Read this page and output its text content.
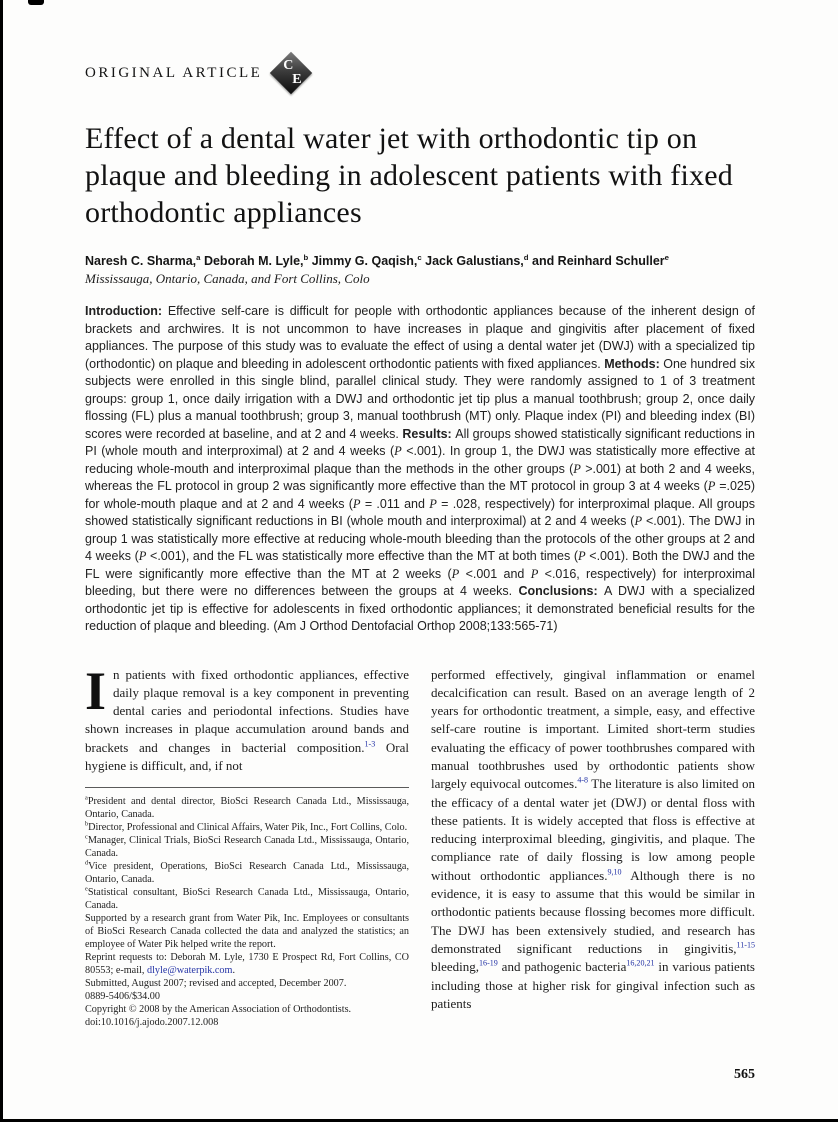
ORIGINAL ARTICLE C
E
Effect of a dental water jet with orthodontic tip on plaque and bleeding in adolescent patients with fixed orthodontic appliances

Naresh C. Sharma,$^a$ Deborah M. Lyle,$^b$ Jimmy G. Qaqish,$^c$ Jack Galustians,$^d$ and Reinhard Schuller$^e$

Mississauga, Ontario, Canada, and Fort Collins, Colo

Introduction: Effective self-care is difficult for people with orthodontic appliances because of the inherent design of brackets and archwires. It is not uncommon to have increases in plaque and gingivitis after placement of fixed appliances. The purpose of this study was to evaluate the effect of using a dental water jet (DWJ) with a specialized tip (orthodontic) on plaque and bleeding in adolescent orthodontic patients with fixed appliances. Methods: One hundred six subjects were enrolled in this single blind, parallel clinical study. They were randomly assigned to 1 of 3 treatment groups: group 1, once daily irrigation with a DWJ and orthodontic jet tip plus a manual toothbrush; group 2, once daily flossing (FL) plus a manual toothbrush; group 3, manual toothbrush (MT) only. Plaque index (PI) and bleeding index (BI) scores were recorded at baseline, and at 2 and 4 weeks. Results: All groups showed statistically significant reductions in PI (whole mouth and interproximal) at 2 and 4 weeks (P <.001). In group 1, the DWJ was statistically more effective at reducing whole-mouth and interproximal plaque than the methods in the other groups (P >.001) at both 2 and 4 weeks, whereas the FL protocol in group 2 was significantly more effective than the MT protocol in group 3 at 4 weeks (P =.025) for whole-mouth plaque and at 2 and 4 weeks (P = .011 and P = .028, respectively) for interproximal plaque. All groups showed statistically significant reductions in BI (whole mouth and interproximal) at 2 and 4 weeks (P <.001). The DWJ in group 1 was statistically more effective at reducing whole-mouth bleeding than the protocols of the other groups at 2 and 4 weeks (P <.001), and the FL was statistically more effective than the MT at both times (P <.001). Both the DWJ and the FL were significantly more effective than the MT at 2 weeks (P <.001 and P <.016, respectively) for interproximal bleeding, but there were no differences between the groups at 4 weeks. Conclusions: A DWJ with a specialized orthodontic jet tip is effective for adolescents in fixed orthodontic appliances; it demonstrated beneficial results for the reduction of plaque and bleeding. (Am J Orthod Dentofacial Orthop 2008;133:565-71)

In patients with fixed orthodontic appliances, effective daily plaque removal is a key component in preventing dental caries and periodontal infections. Studies have shown increases in plaque accumulation around bands and brackets and changes in bacterial composition.$^{1-3}$ Oral hygiene is difficult, and, if not

$^a$President and dental director, BioSci Research Canada Ltd., Mississauga, Ontario, Canada.

$^b$Director, Professional and Clinical Affairs, Water Pik, Inc., Fort Collins, Colo.

$^c$Manager, Clinical Trials, BioSci Research Canada Ltd., Mississauga, Ontario, Canada.

$^d$Vice president, Operations, BioSci Research Canada Ltd., Mississauga, Ontario, Canada.

$^e$Statistical consultant, BioSci Research Canada Ltd., Mississauga, Ontario, Canada.

Supported by a research grant from Water Pik, Inc. Employees or consultants of BioSci Research Canada collected the data and analyzed the statistics; an employee of Water Pik helped write the report.

Reprint requests to: Deborah M. Lyle, 1730 E Prospect Rd, Fort Collins, CO 80553; e-mail, dlyle@waterpik.com.

Submitted, August 2007; revised and accepted, December 2007.

0889-5406/$34.00

Copyright © 2008 by the American Association of Orthodontists.

doi:10.1016/j.ajodo.2007.12.008

performed effectively, gingival inflammation or enamel decalcification can result. Based on an average length of 2 years for orthodontic treatment, a simple, easy, and effective self-care routine is important. Limited short-term studies evaluating the efficacy of power toothbrushes compared with manual toothbrushes used by orthodontic patients show largely equivocal outcomes.$^{4-8}$ The literature is also limited on the efficacy of a dental water jet (DWJ) or dental floss with these patients. It is widely accepted that floss is effective at reducing interproximal bleeding, gingivitis, and plaque. The compliance rate of daily flossing is low among people without orthodontic appliances.$^{9,10}$ Although there is no evidence, it is easy to assume that this would be similar in orthodontic patients because flossing becomes more difficult. The DWJ has been extensively studied, and research has demonstrated significant reductions in gingivitis,$^{11-15}$ bleeding,$^{16-19}$ and pathogenic bacteria$^{16,20,21}$ in various patients including those at higher risk for gingival infection such as patients

565
